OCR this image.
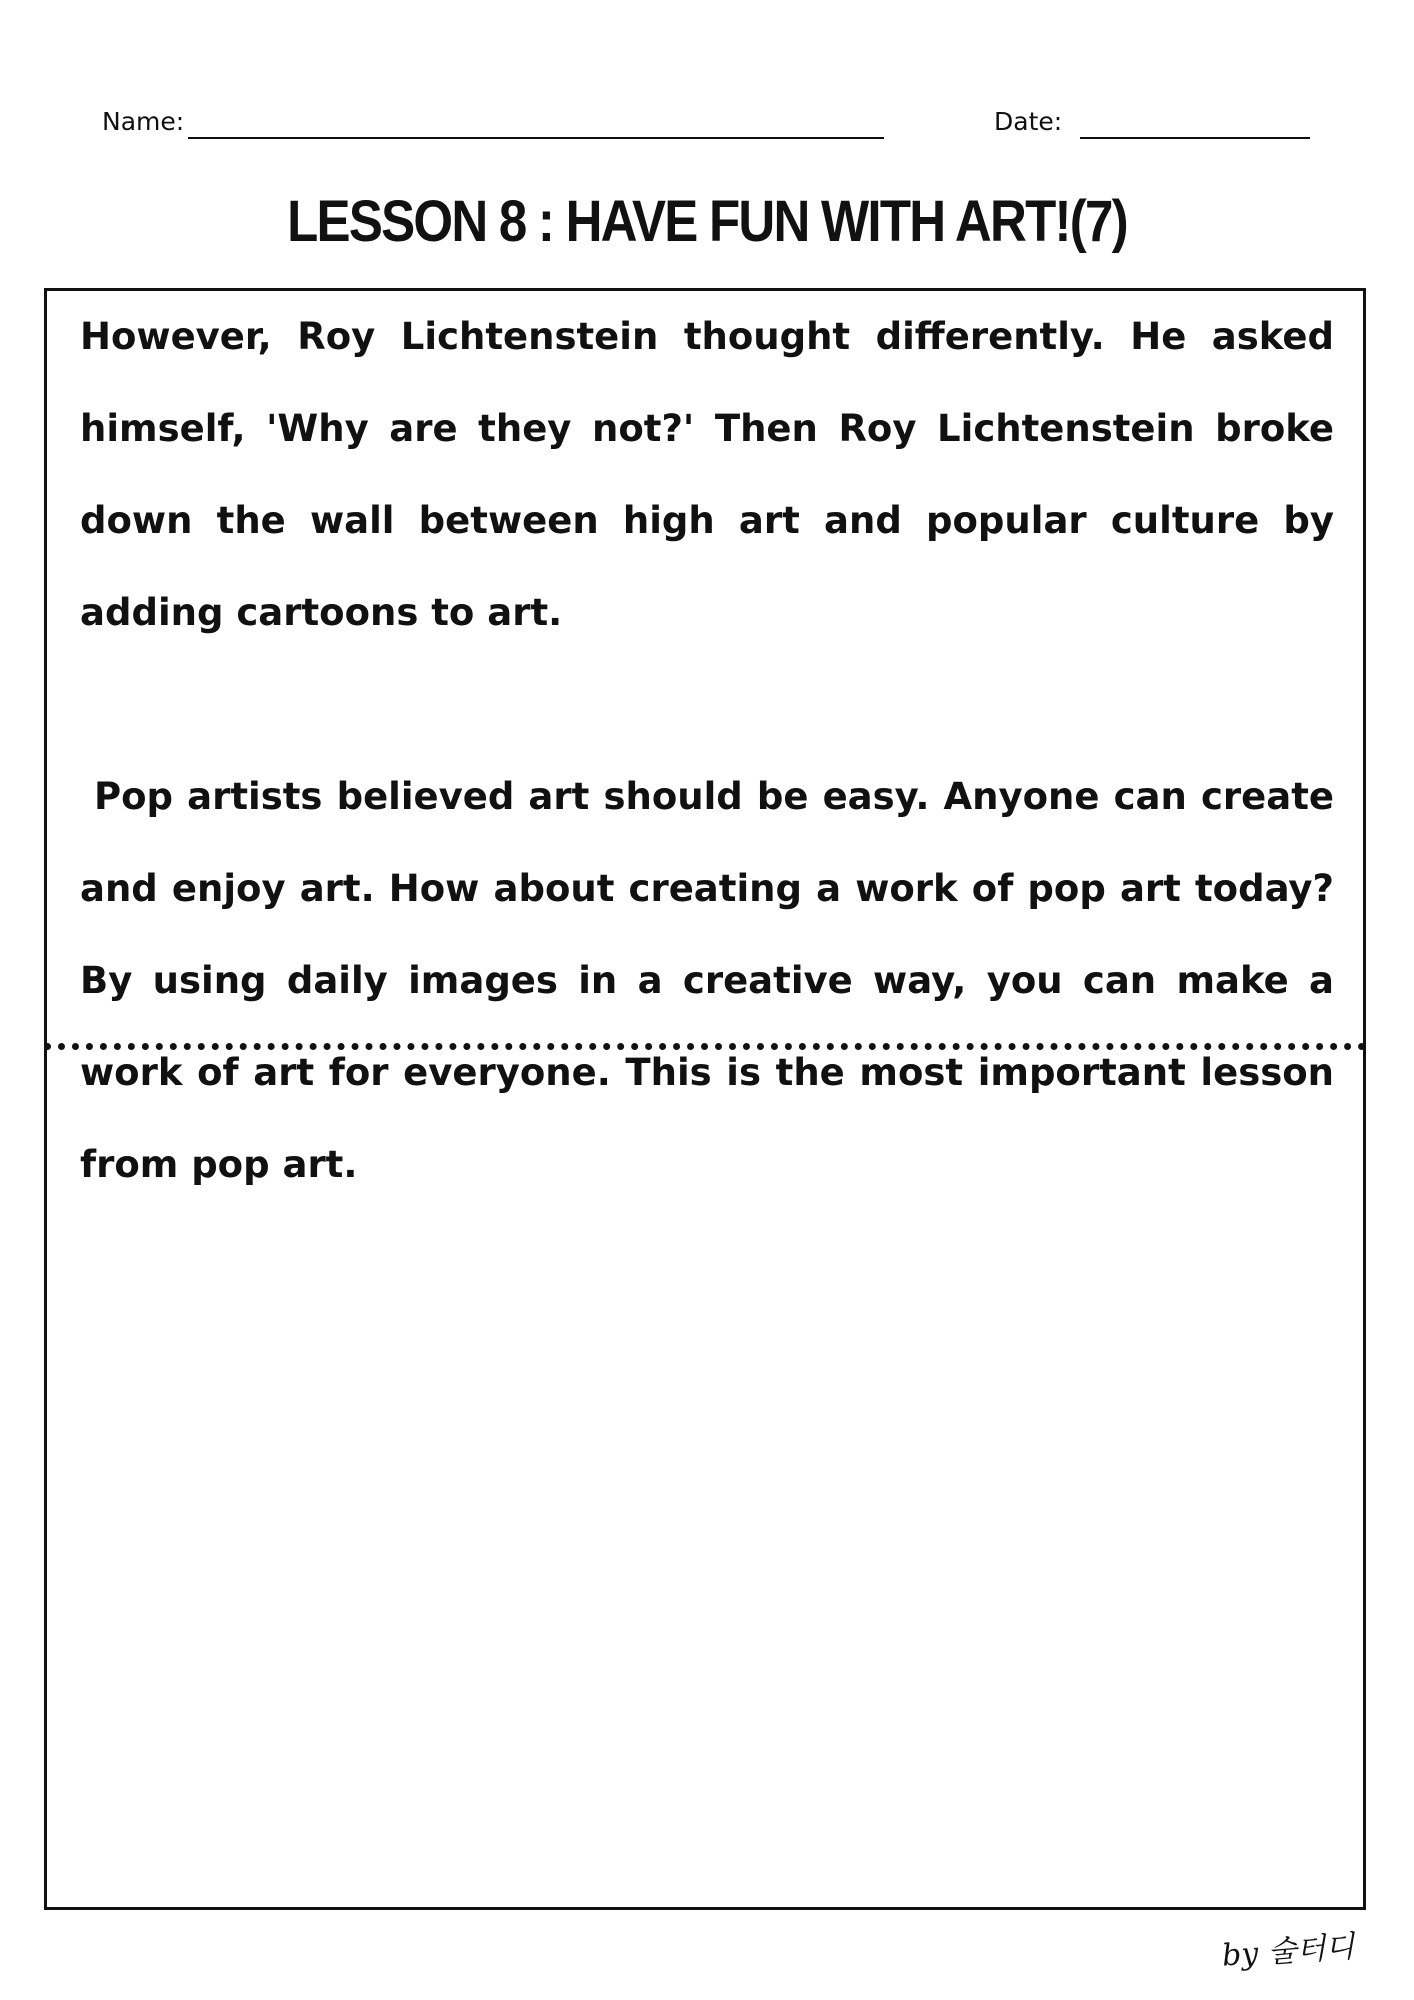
Name:	Date:
LESSON 8 : HAVE FUN WITH ART!(7)

However, Roy Lichtenstein thought differently. He asked himself, 'Why are they not?' Then Roy Lichtenstein broke down the wall between high art and popular culture by adding cartoons to art.

Pop artists believed art should be easy. Anyone can create and enjoy art. How about creating a work of pop art today? By using daily images in a creative way, you can make a work of art for everyone. This is the most important lesson from pop art.

by 술터디
